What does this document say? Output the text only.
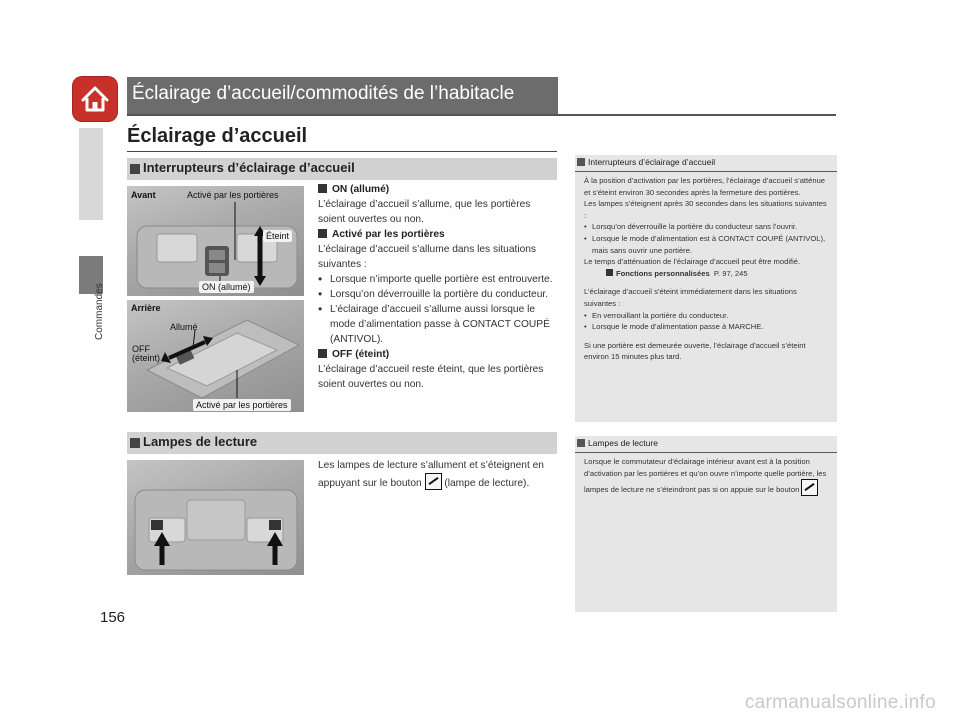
Commandes
156
Éclairage d’accueil/commodités de l’habitacle
Éclairage d’accueil
Interrupteurs d’éclairage d’accueil
Avant	Activé par les portières
Éteint
ON (allumé)
Arrière
Allumé
OFF
(éteint)
Activé par les portières
ON (allumé)
L’éclairage d’accueil s’allume, que les portières soient ouvertes ou non.
Activé par les portières
L’éclairage d’accueil s’allume dans les situations suivantes :
• Lorsque n’importe quelle portière est entrouverte.
• Lorsqu’on déverrouille la portière du conducteur.
• L’éclairage d’accueil s’allume aussi lorsque le mode d’alimentation passe à CONTACT COUPÉ (ANTIVOL).
OFF (éteint)
L’éclairage d’accueil reste éteint, que les portières soient ouvertes ou non.
Interrupteurs d’éclairage d’accueil
À la position d’activation par les portières, l’éclairage d’accueil s’atténue et s’éteint environ 30 secondes après la fermeture des portières.
Les lampes s’éteignent après 30 secondes dans les situations suivantes :
• Lorsqu’on déverrouille la portière du conducteur sans l’ouvrir.
• Lorsque le mode d’alimentation est à CONTACT COUPÉ (ANTIVOL), mais sans ouvrir une portière.
Le temps d’atténuation de l’éclairage d’accueil peut être modifié.
Fonctions personnalisées P. 97, 245
L’éclairage d’accueil s’éteint immédiatement dans les situations suivantes :
• En verrouillant la portière du conducteur.
• Lorsque le mode d’alimentation passe à MARCHE.
Si une portière est demeurée ouverte, l’éclairage d’accueil s’éteint environ 15 minutes plus tard.
Lampes de lecture
Les lampes de lecture s’allument et s’éteignent en appuyant sur le bouton (lampe de lecture).
Lampes de lecture
Lorsque le commutateur d’éclairage intérieur avant est à la position d’activation par les portières et qu’on ouvre n’importe quelle portière, les lampes de lecture ne s’éteindront pas si on appuie sur le bouton
carmanualsonline.info
